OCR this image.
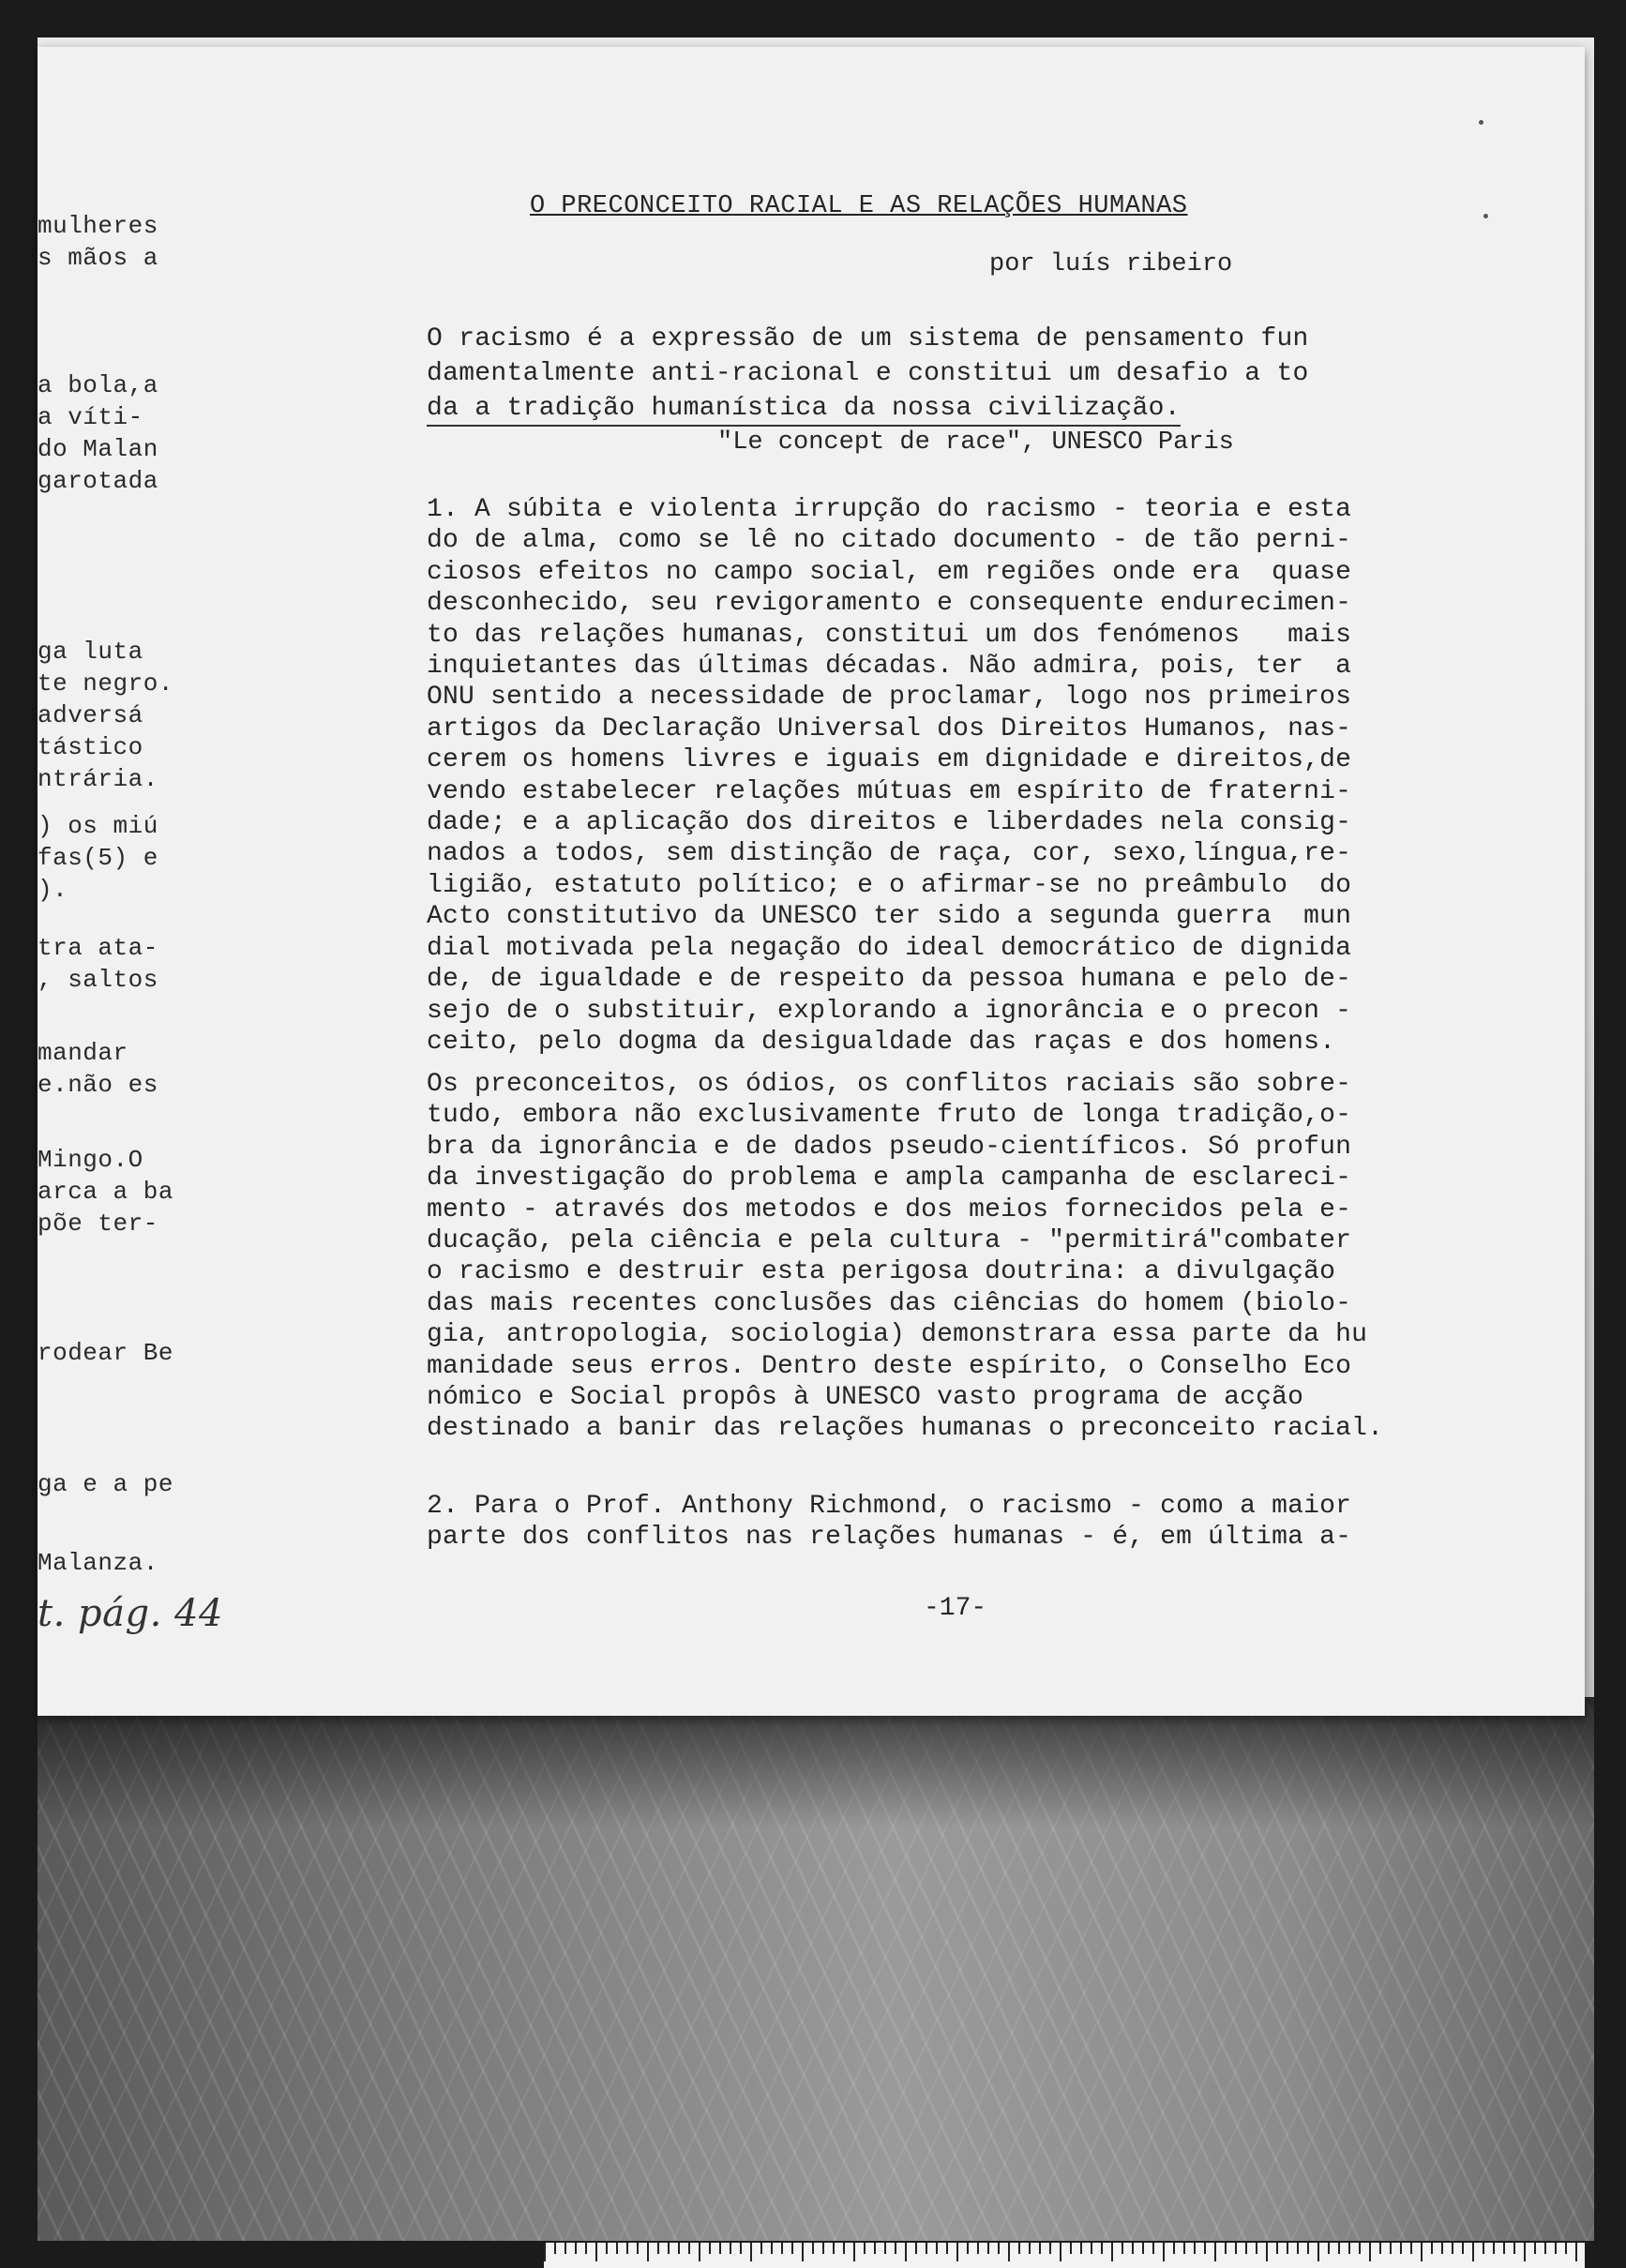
mulheres
s mãos a
a bola,a
a víti-
do Malan
garotada
ga luta
te negro.
adversá
tástico
ntrária.
) os miú
fas(5) e
).
tra ata-
, saltos
mandar
e.não es
Mingo.O
arca a ba
põe ter-
rodear Be
ga e a pe
Malanza.
t. pág. 44
O PRECONCEITO RACIAL E AS RELAÇÕES HUMANAS
por luís ribeiro
O racismo é a expressão de um sistema de pensamento fun
damentalmente anti-racional e constitui um desafio a to
da a tradição humanística da nossa civilização.
"Le concept de race", UNESCO Paris
1. A súbita e violenta irrupção do racismo - teoria e esta
do de alma, como se lê no citado documento - de tão perni-
ciosos efeitos no campo social, em regiões onde era  quase
desconhecido, seu revigoramento e consequente endurecimen-
to das relações humanas, constitui um dos fenómenos   mais
inquietantes das últimas décadas. Não admira, pois, ter  a
ONU sentido a necessidade de proclamar, logo nos primeiros
artigos da Declaração Universal dos Direitos Humanos, nas-
cerem os homens livres e iguais em dignidade e direitos,de
vendo estabelecer relações mútuas em espírito de fraterni-
dade; e a aplicação dos direitos e liberdades nela consig-
nados a todos, sem distinção de raça, cor, sexo,língua,re-
ligião, estatuto político; e o afirmar-se no preâmbulo  do
Acto constitutivo da UNESCO ter sido a segunda guerra  mun
dial motivada pela negação do ideal democrático de dignida
de, de igualdade e de respeito da pessoa humana e pelo de-
sejo de o substituir, explorando a ignorância e o precon -
ceito, pelo dogma da desigualdade das raças e dos homens.
Os preconceitos, os ódios, os conflitos raciais são sobre-
tudo, embora não exclusivamente fruto de longa tradição,o-
bra da ignorância e de dados pseudo-científicos. Só profun
da investigação do problema e ampla campanha de esclareci-
mento - através dos metodos e dos meios fornecidos pela e-
ducação, pela ciência e pela cultura - "permitirá"combater
o racismo e destruir esta perigosa doutrina: a divulgação
das mais recentes conclusões das ciências do homem (biolo-
gia, antropologia, sociologia) demonstrara essa parte da hu
manidade seus erros. Dentro deste espírito, o Conselho Eco
nómico e Social propôs à UNESCO vasto programa de acção
destinado a banir das relações humanas o preconceito racial.
2. Para o Prof. Anthony Richmond, o racismo - como a maior
parte dos conflitos nas relações humanas - é, em última a-
-17-
